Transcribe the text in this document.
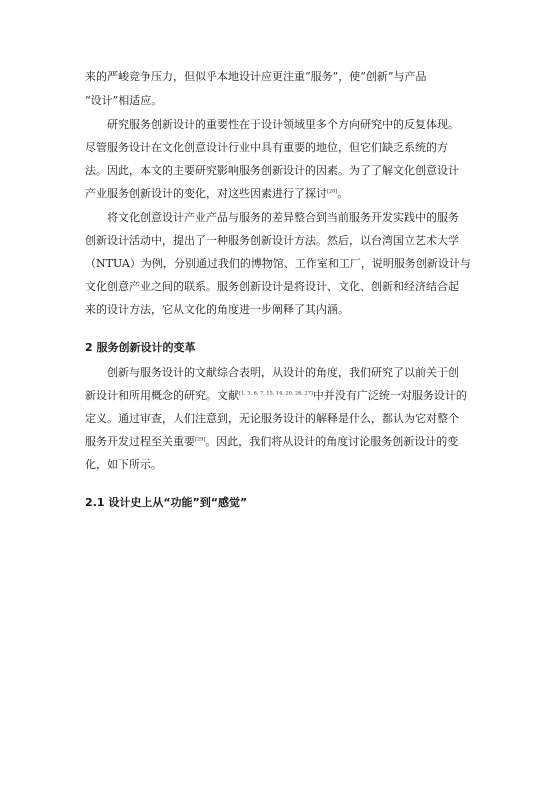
来的严峻竞争压力，但似乎本地设计应更注重“服务”，使“创新”与产品
“设计”相适应。
研究服务创新设计的重要性在于设计领域里多个方向研究中的反复体现。
尽管服务设计在文化创意设计行业中具有重要的地位，但它们缺乏系统的方
法。因此，本文的主要研究影响服务创新设计的因素。为了了解文化创意设计
产业服务创新设计的变化，对这些因素进行了探讨[28]。
将文化创意设计产业产品与服务的差异整合到当前服务开发实践中的服务
创新设计活动中，提出了一种服务创新设计方法。然后，以台湾国立艺术大学
（NTUA）为例，分别通过我们的博物馆、工作室和工厂，说明服务创新设计与
文化创意产业之间的联系。服务创新设计是将设计、文化、创新和经济结合起
来的设计方法，它从文化的角度进一步阐释了其内涵。
2 服务创新设计的变革
创新与服务设计的文献综合表明，从设计的角度，我们研究了以前关于创
新设计和所用概念的研究。文献[1, 3, 6, 7, 15, 14, 20, 26, 27]中并没有广泛统一对服务设计的
定义。通过审查，人们注意到，无论服务设计的解释是什么，都认为它对整个
服务开发过程至关重要[29]。因此，我们将从设计的角度讨论服务创新设计的变
化，如下所示。
2.1 设计史上从“功能”到“感觉”
